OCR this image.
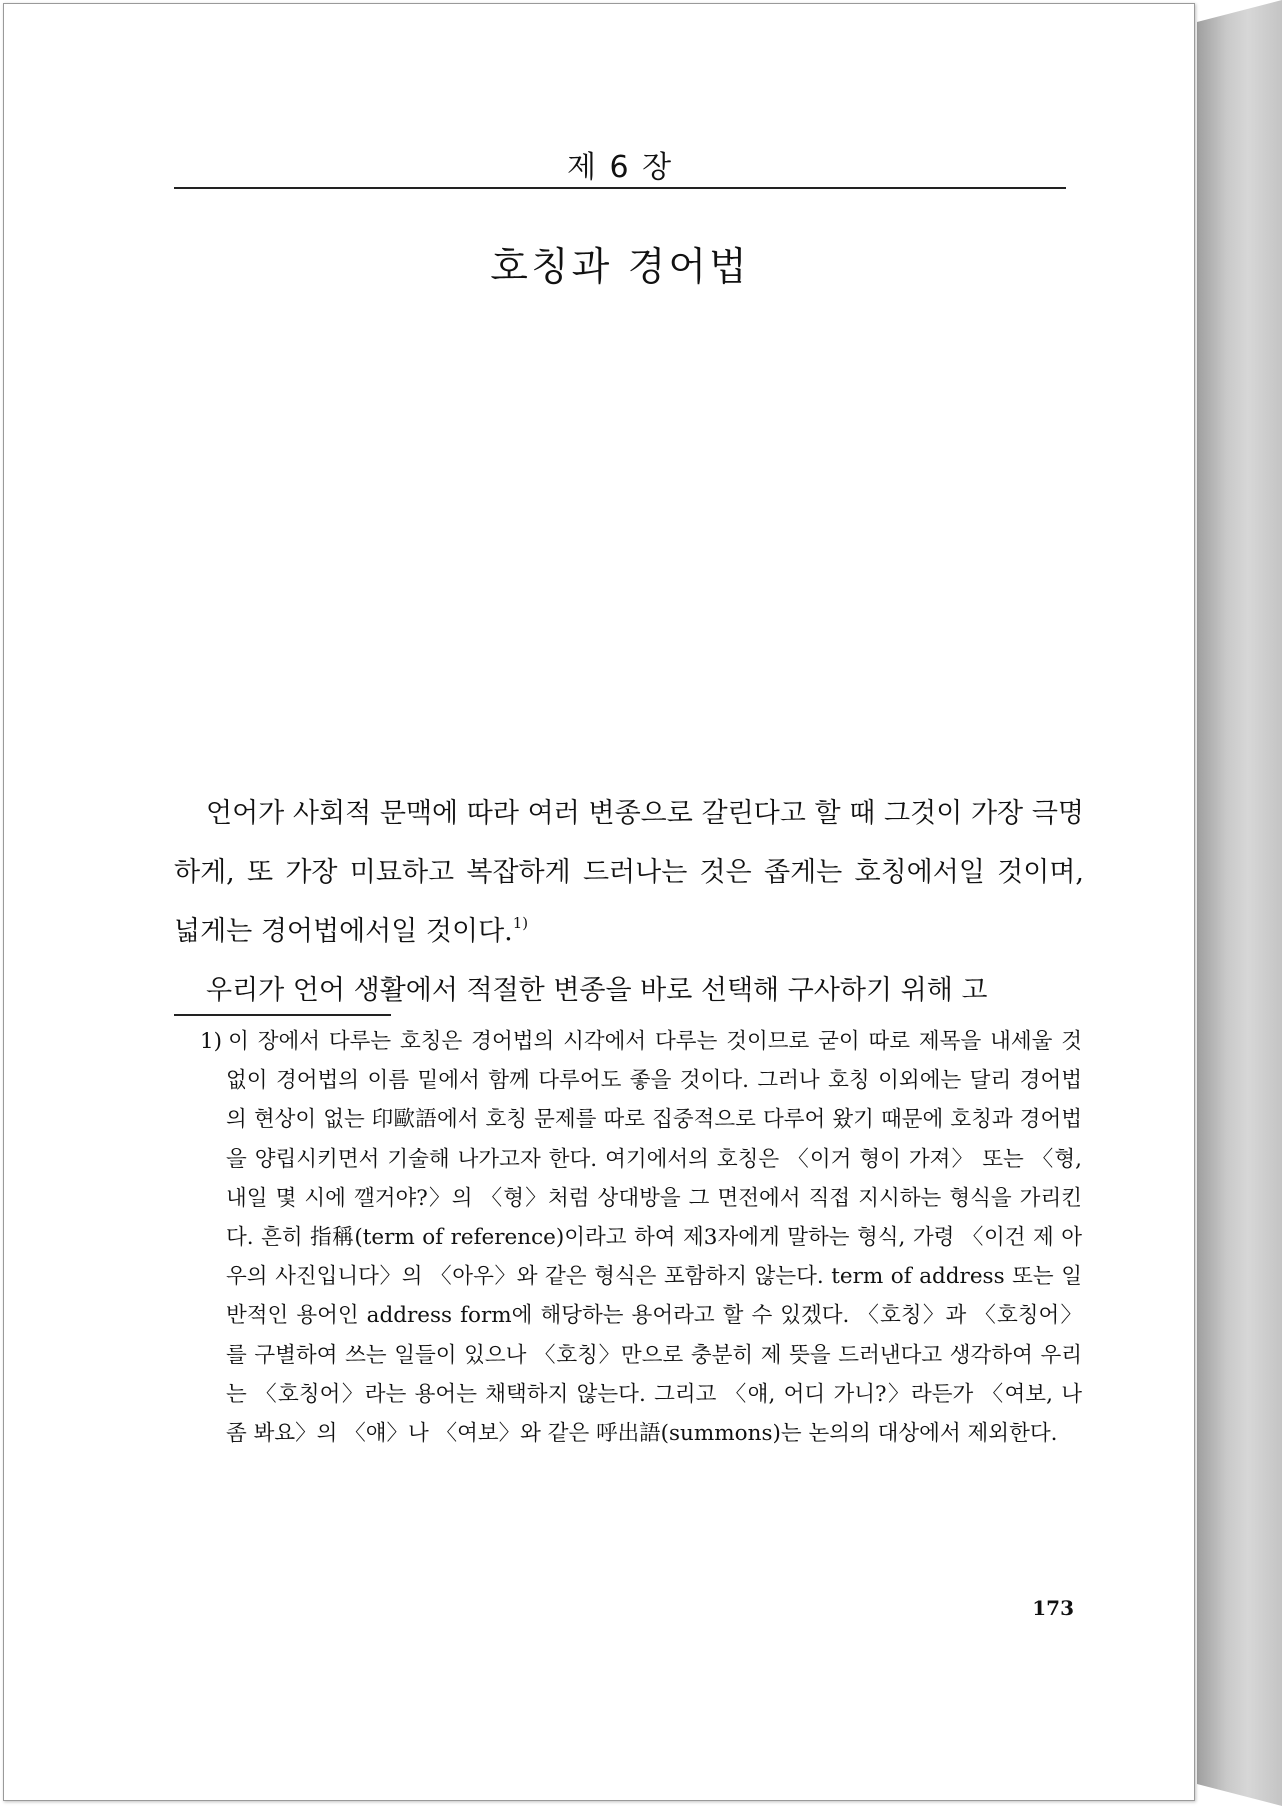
제 6 장
호칭과 경어법

언어가 사회적 문맥에 따라 여러 변종으로 갈린다고 할 때 그것이 가장 극명하게, 또 가장 미묘하고 복잡하게 드러나는 것은 좁게는 호칭에서일 것이며, 넓게는 경어법에서일 것이다.$^{1)}$

우리가 언어 생활에서 적절한 변종을 바로 선택해 구사하기 위해 고

1) 이 장에서 다루는 호칭은 경어법의 시각에서 다루는 것이므로 굳이 따로 제목을 내세울 것 없이 경어법의 이름 밑에서 함께 다루어도 좋을 것이다. 그러나 호칭 이외에는 달리 경어법의 현상이 없는 印歐語에서 호칭 문제를 따로 집중적으로 다루어 왔기 때문에 호칭과 경어법을 양립시키면서 기술해 나가고자 한다. 여기에서의 호칭은 〈이거 형이 가져〉 또는 〈형, 내일 몇 시에 깰거야?〉의 〈형〉처럼 상대방을 그 면전에서 직접 지시하는 형식을 가리킨다. 흔히 指稱(term of reference)이라고 하여 제3자에게 말하는 형식, 가령 〈이건 제 아우의 사진입니다〉의 〈아우〉와 같은 형식은 포함하지 않는다. term of address 또는 일반적인 용어인 address form에 해당하는 용어라고 할 수 있겠다. 〈호칭〉과 〈호칭어〉를 구별하여 쓰는 일들이 있으나 〈호칭〉만으로 충분히 제 뜻을 드러낸다고 생각하여 우리는 〈호칭어〉라는 용어는 채택하지 않는다. 그리고 〈얘, 어디 가니?〉라든가 〈여보, 나 좀 봐요〉의 〈얘〉나 〈여보〉와 같은 呼出語(summons)는 논의의 대상에서 제외한다.
173
